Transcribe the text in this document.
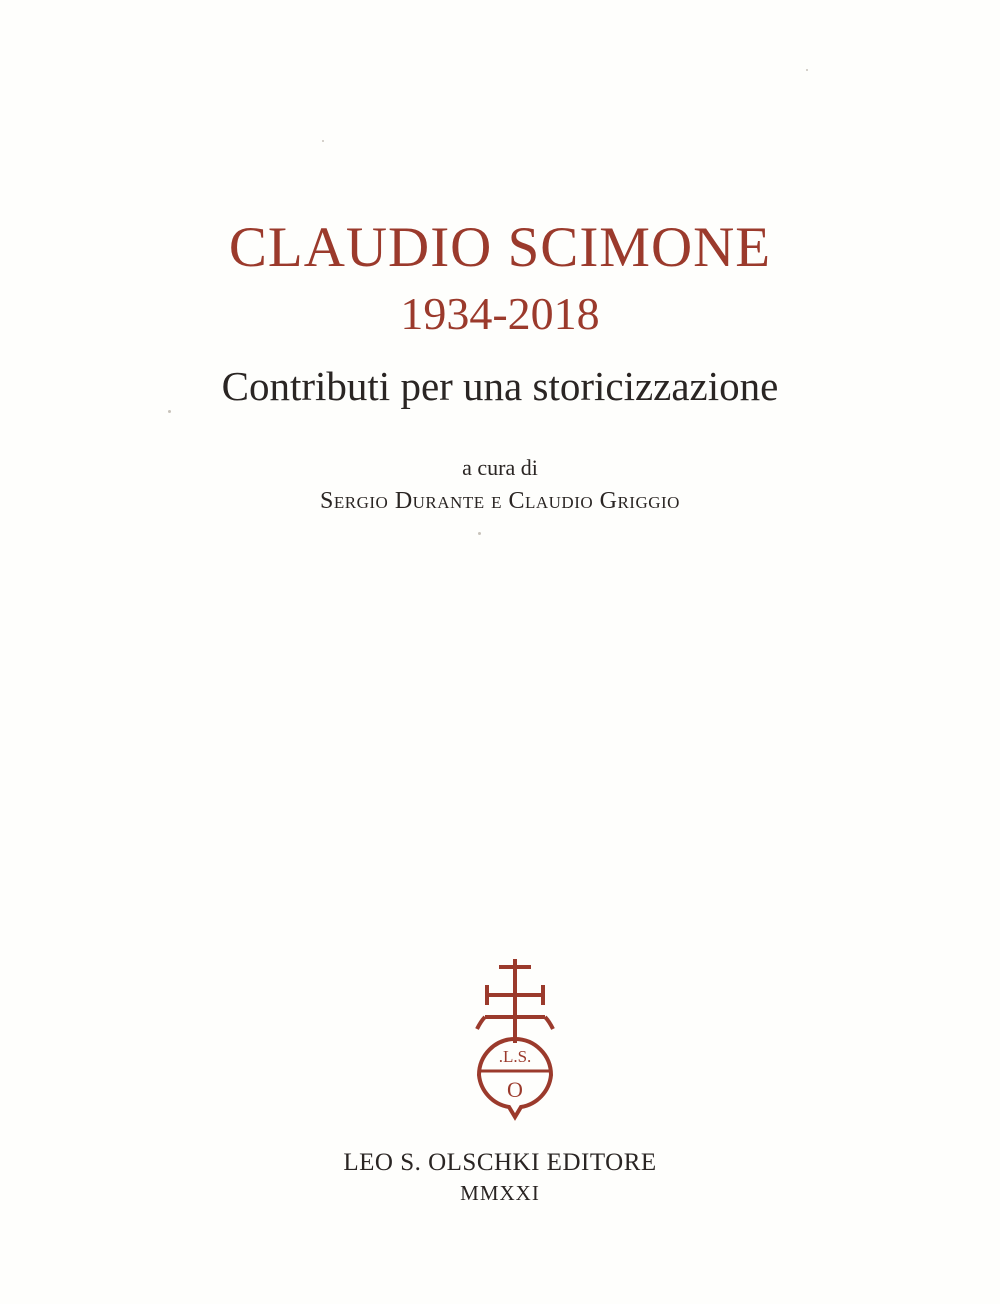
CLAUDIO SCIMONE
1934-2018
Contributi per una storicizzazione
a cura di
Sergio Durante e Claudio Griggio
.L.S.
O
LEO S. OLSCHKI EDITORE
MMXXI
